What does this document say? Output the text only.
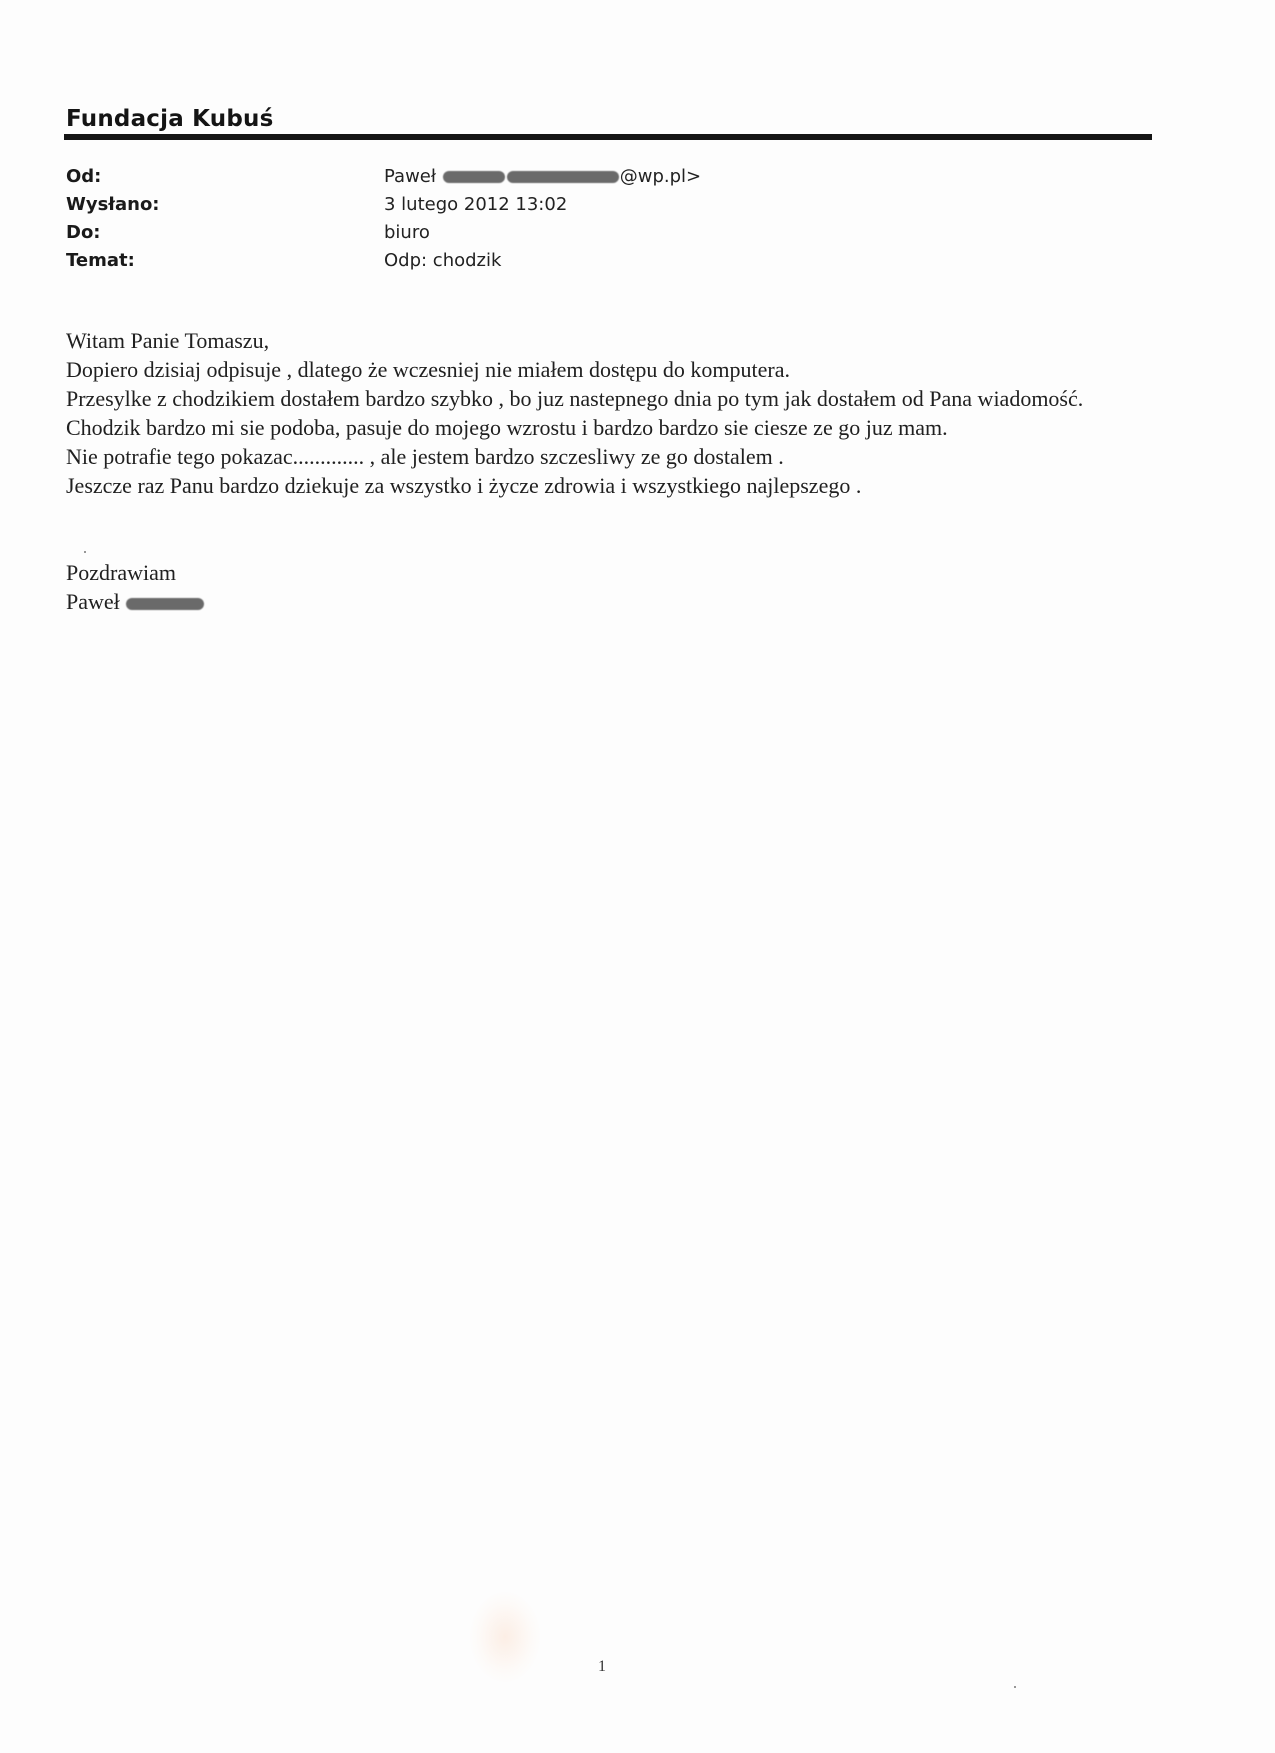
Fundacja Kubuś
Od:	Paweł	@wp.pl>
Wysłano:	3 lutego 2012 13:02
Do:	biuro
Temat:	Odp: chodzik

Witam Panie Tomaszu,

Dopiero dzisiaj odpisuje , dlatego że wczesniej nie miałem dostępu do komputera.

Przesylke z chodzikiem dostałem bardzo szybko , bo juz nastepnego dnia po tym jak dostałem od Pana wiadomość.

Chodzik bardzo mi sie podoba, pasuje do mojego wzrostu i bardzo bardzo sie ciesze ze go juz mam.

Nie potrafie tego pokazac............. , ale jestem bardzo szczesliwy ze go dostalem .

Jeszcze raz Panu bardzo dziekuje za wszystko i życze zdrowia i wszystkiego najlepszego .

Pozdrawiam

Paweł

1
